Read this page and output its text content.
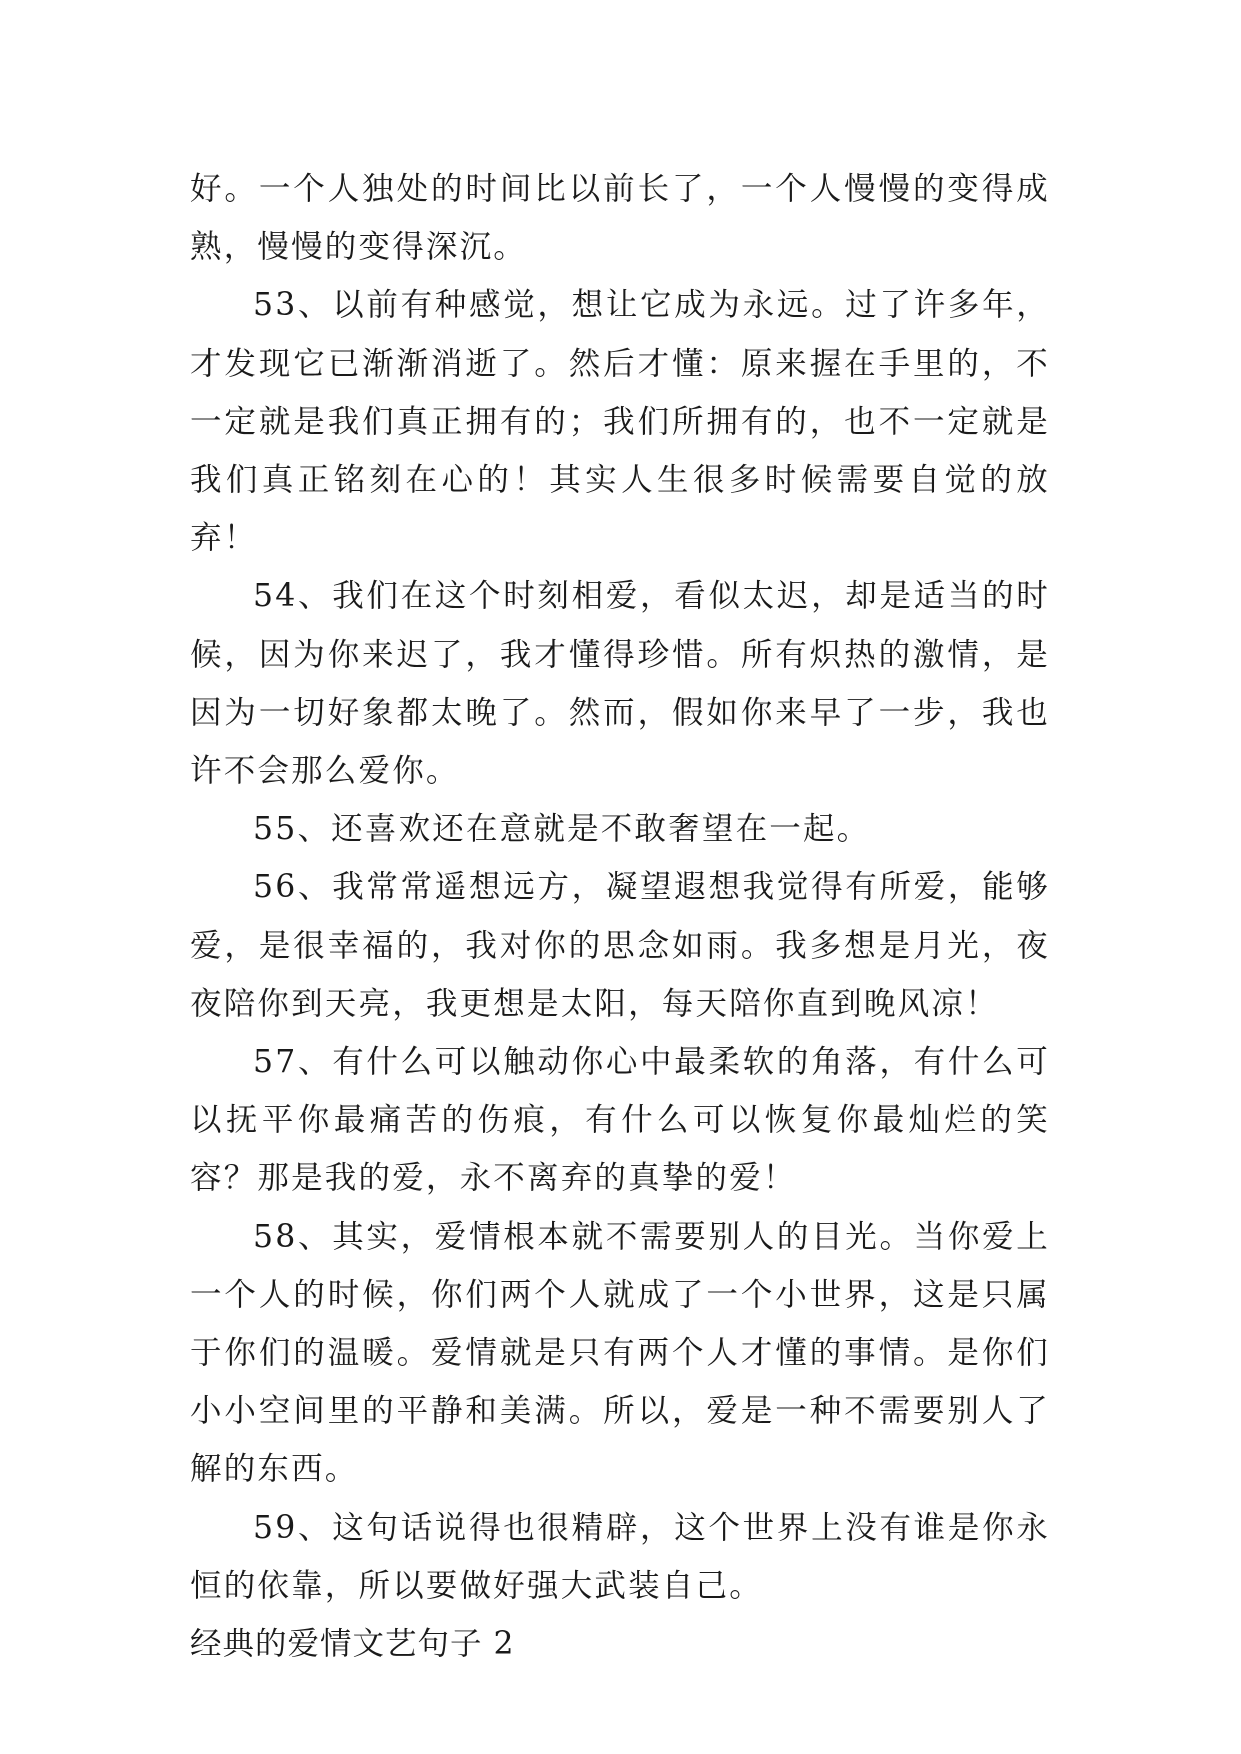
好。一个人独处的时间比以前长了，一个人慢慢的变得成熟，慢慢的变得深沉。

53、以前有种感觉，想让它成为永远。过了许多年，才发现它已渐渐消逝了。然后才懂：原来握在手里的，不一定就是我们真正拥有的；我们所拥有的，也不一定就是我们真正铭刻在心的！其实人生很多时候需要自觉的放弃！

54、我们在这个时刻相爱，看似太迟，却是适当的时候，因为你来迟了，我才懂得珍惜。所有炽热的激情，是因为一切好象都太晚了。然而，假如你来早了一步，我也许不会那么爱你。

55、还喜欢还在意就是不敢奢望在一起。

56、我常常遥想远方，凝望遐想我觉得有所爱，能够爱，是很幸福的，我对你的思念如雨。我多想是月光，夜夜陪你到天亮，我更想是太阳，每天陪你直到晚风凉！

57、有什么可以触动你心中最柔软的角落，有什么可以抚平你最痛苦的伤痕，有什么可以恢复你最灿烂的笑容？那是我的爱，永不离弃的真挚的爱！

58、其实，爱情根本就不需要别人的目光。当你爱上一个人的时候，你们两个人就成了一个小世界，这是只属于你们的温暖。爱情就是只有两个人才懂的事情。是你们小小空间里的平静和美满。所以，爱是一种不需要别人了解的东西。

59、这句话说得也很精辟，这个世界上没有谁是你永恒的依靠，所以要做好强大武装自己。

经典的爱情文艺句子 2
